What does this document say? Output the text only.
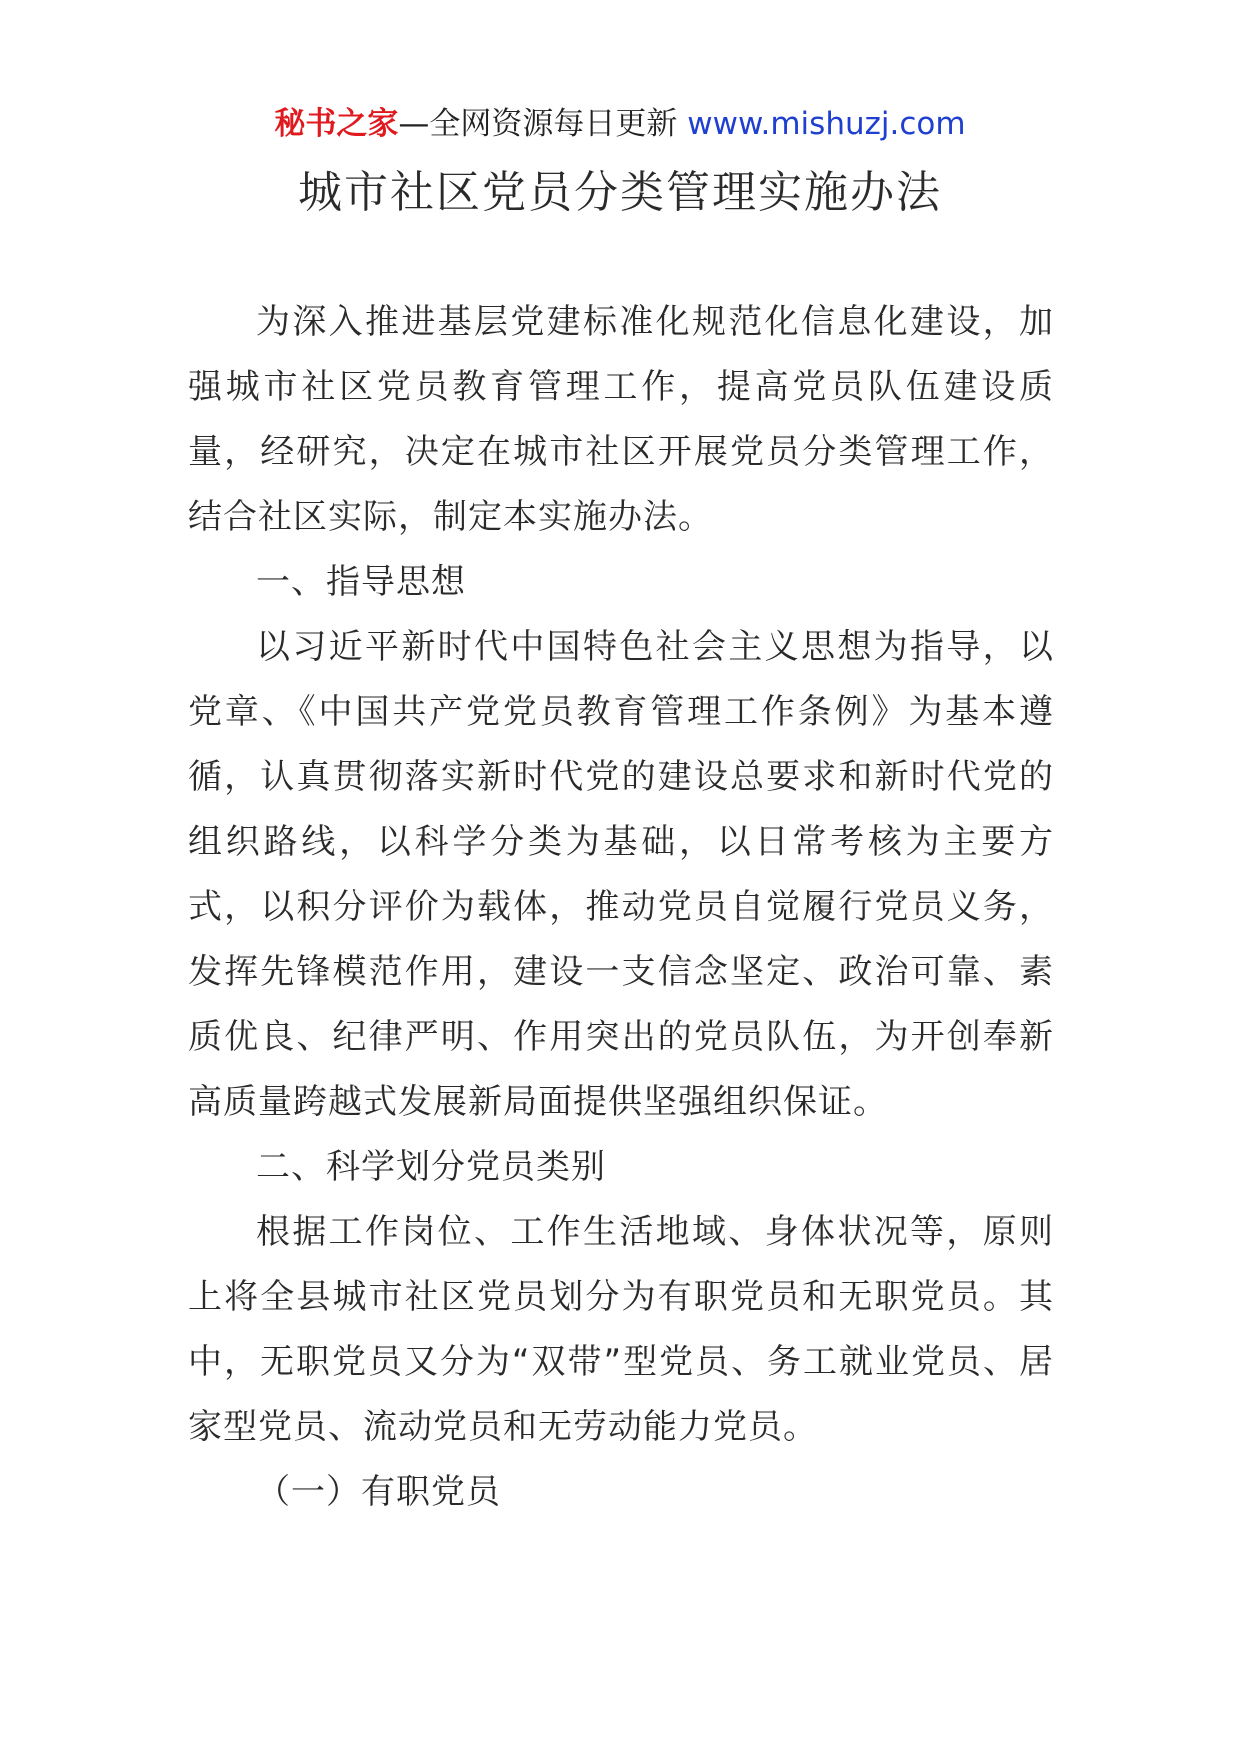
秘书之家—全网资源每日更新 www.mishuzj.com
城市社区党员分类管理实施办法

为深入推进基层党建标准化规范化信息化建设，加强城市社区党员教育管理工作，提高党员队伍建设质量，经研究，决定在城市社区开展党员分类管理工作，结合社区实际，制定本实施办法。

一、指导思想

以习近平新时代中国特色社会主义思想为指导，以党章、《中国共产党党员教育管理工作条例》为基本遵循，认真贯彻落实新时代党的建设总要求和新时代党的组织路线，以科学分类为基础，以日常考核为主要方式，以积分评价为载体，推动党员自觉履行党员义务，发挥先锋模范作用，建设一支信念坚定、政治可靠、素质优良、纪律严明、作用突出的党员队伍，为开创奉新高质量跨越式发展新局面提供坚强组织保证。

二、科学划分党员类别

根据工作岗位、工作生活地域、身体状况等，原则上将全县城市社区党员划分为有职党员和无职党员。其中，无职党员又分为“双带”型党员、务工就业党员、居家型党员、流动党员和无劳动能力党员。

（一）有职党员
